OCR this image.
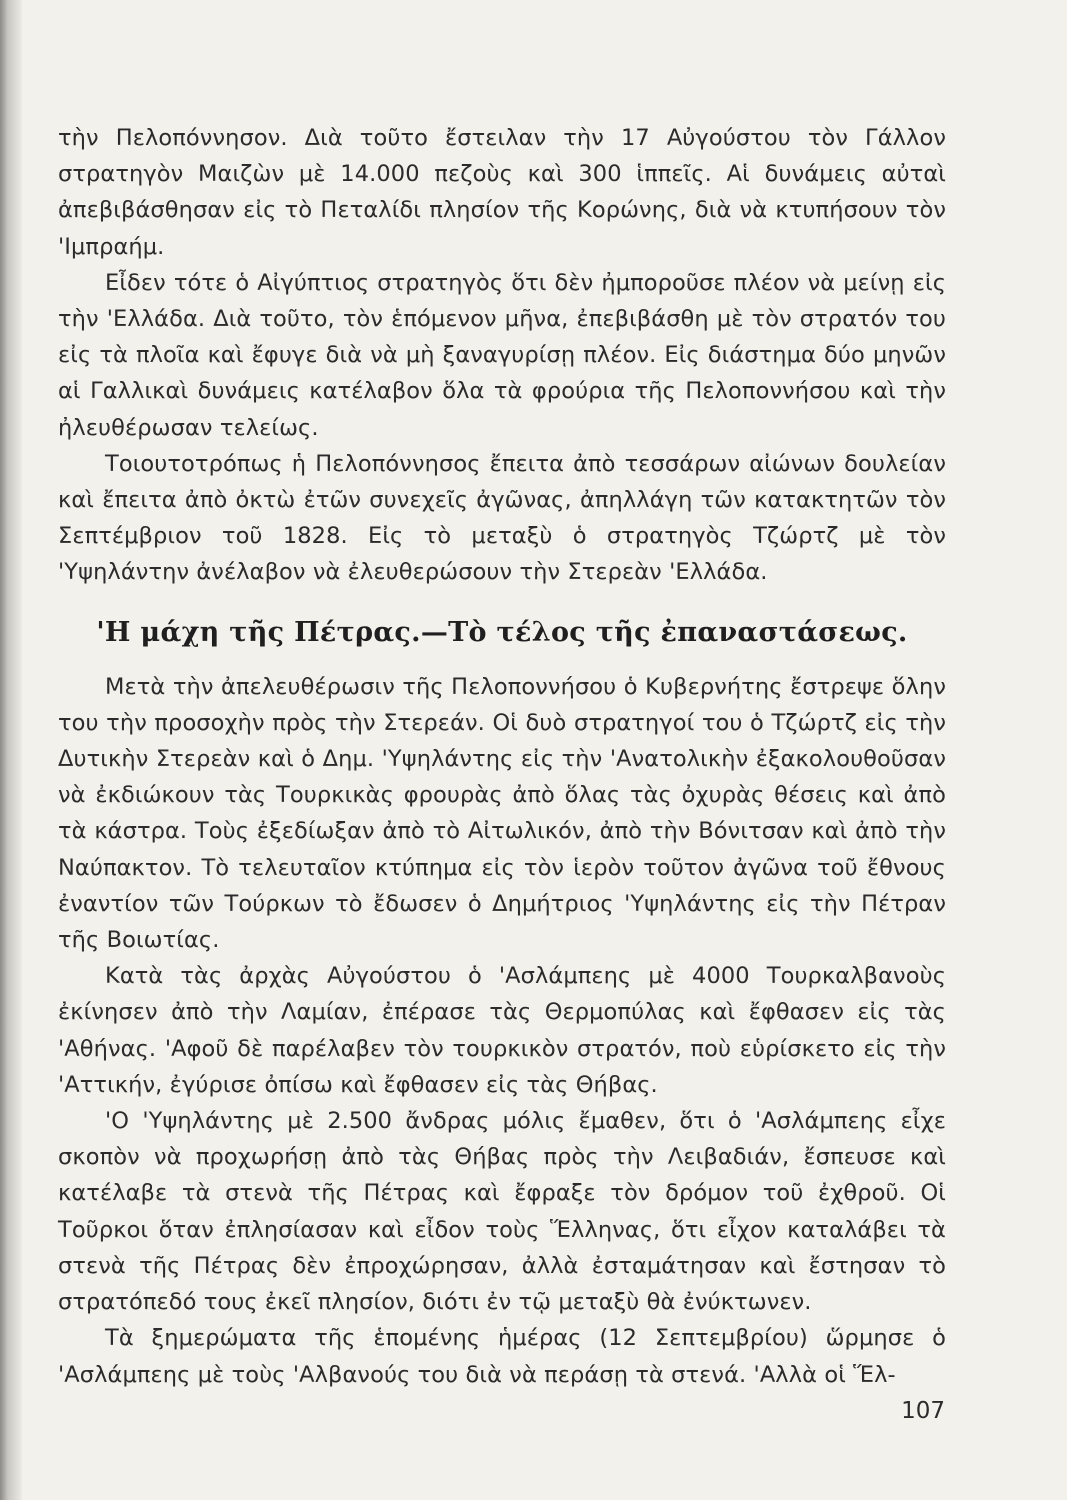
τὴν Πελοπόννησον. Διὰ τοῦτο ἔστειλαν τὴν 17 Αὐγούστου τὸν Γάλλον στρατηγὸν Μαιζὼν μὲ 14.000 πεζοὺς καὶ 300 ἱππεῖς. Αἱ δυνάμεις αὐταὶ ἀπεβιβάσθησαν εἰς τὸ Πεταλίδι πλησίον τῆς Κορώνης, διὰ νὰ κτυπήσουν τὸν 'Ιμπραήμ.

Εἶδεν τότε ὁ Αἰγύπτιος στρατηγὸς ὅτι δὲν ἠμποροῦσε πλέον νὰ μείνῃ εἰς τὴν 'Ελλάδα. Διὰ τοῦτο, τὸν ἑπόμενον μῆνα, ἐπεβιβάσθη μὲ τὸν στρατόν του εἰς τὰ πλοῖα καὶ ἔφυγε διὰ νὰ μὴ ξαναγυρίσῃ πλέον. Εἰς διάστημα δύο μηνῶν αἱ Γαλλικαὶ δυνάμεις κατέλαβον ὅλα τὰ φρούρια τῆς Πελοποννήσου καὶ τὴν ἠλευθέρωσαν τελείως.

Τοιουτοτρόπως ἡ Πελοπόννησος ἔπειτα ἀπὸ τεσσάρων αἰώνων δουλείαν καὶ ἔπειτα ἀπὸ ὀκτὼ ἐτῶν συνεχεῖς ἀγῶνας, ἀπηλλάγη τῶν κατακτητῶν τὸν Σεπτέμβριον τοῦ 1828. Εἰς τὸ μεταξὺ ὁ στρατηγὸς Τζώρτζ μὲ τὸν 'Υψηλάντην ἀνέλαβον νὰ ἐλευθερώσουν τὴν Στερεὰν 'Ελλάδα.

'Η μάχη τῆς Πέτρας.—Τὸ τέλος τῆς ἐπαναστάσεως.

Μετὰ τὴν ἀπελευθέρωσιν τῆς Πελοποννήσου ὁ Κυβερνήτης ἔστρεψε ὅλην του τὴν προσοχὴν πρὸς τὴν Στερεάν. Οἱ δυὸ στρατηγοί του ὁ Τζώρτζ εἰς τὴν Δυτικὴν Στερεὰν καὶ ὁ Δημ. 'Υψηλάντης εἰς τὴν 'Ανατολικὴν ἐξακολουθοῦσαν νὰ ἐκδιώκουν τὰς Τουρκικὰς φρουρὰς ἀπὸ ὅλας τὰς ὀχυρὰς θέσεις καὶ ἀπὸ τὰ κάστρα. Τοὺς ἐξεδίωξαν ἀπὸ τὸ Αἰτωλικόν, ἀπὸ τὴν Βόνιτσαν καὶ ἀπὸ τὴν Ναύπακτον. Τὸ τελευταῖον κτύπημα εἰς τὸν ἱερὸν τοῦτον ἀγῶνα τοῦ ἔθνους ἐναντίον τῶν Τούρκων τὸ ἔδωσεν ὁ Δημήτριος 'Υψηλάντης εἰς τὴν Πέτραν τῆς Βοιωτίας.

Κατὰ τὰς ἀρχὰς Αὐγούστου ὁ 'Ασλάμπεης μὲ 4000 Τουρκαλβανοὺς ἐκίνησεν ἀπὸ τὴν Λαμίαν, ἐπέρασε τὰς Θερμοπύλας καὶ ἔφθασεν εἰς τὰς 'Αθήνας. 'Αφοῦ δὲ παρέλαβεν τὸν τουρκικὸν στρατόν, ποὺ εὑρίσκετο εἰς τὴν 'Αττικήν, ἐγύρισε ὀπίσω καὶ ἔφθασεν εἰς τὰς Θήβας.

'Ο 'Υψηλάντης μὲ 2.500 ἄνδρας μόλις ἔμαθεν, ὅτι ὁ 'Ασλάμπεης εἶχε σκοπὸν νὰ προχωρήσῃ ἀπὸ τὰς Θήβας πρὸς τὴν Λειβαδιάν, ἔσπευσε καὶ κατέλαβε τὰ στενὰ τῆς Πέτρας καὶ ἔφραξε τὸν δρόμον τοῦ ἐχθροῦ. Οἱ Τοῦρκοι ὅταν ἐπλησίασαν καὶ εἶδον τοὺς Ἕλληνας, ὅτι εἶχον καταλάβει τὰ στενὰ τῆς Πέτρας δὲν ἐπροχώρησαν, ἀλλὰ ἐσταμάτησαν καὶ ἔστησαν τὸ στρατόπεδό τους ἐκεῖ πλησίον, διότι ἐν τῷ μεταξὺ θὰ ἐνύκτωνεν.

Τὰ ξημερώματα τῆς ἑπομένης ἡμέρας (12 Σεπτεμβρίου) ὥρμησε ὁ 'Ασλάμπεης μὲ τοὺς 'Αλβανούς του διὰ νὰ περάσῃ τὰ στενά. 'Αλλὰ οἱ Ἕλ-

107
